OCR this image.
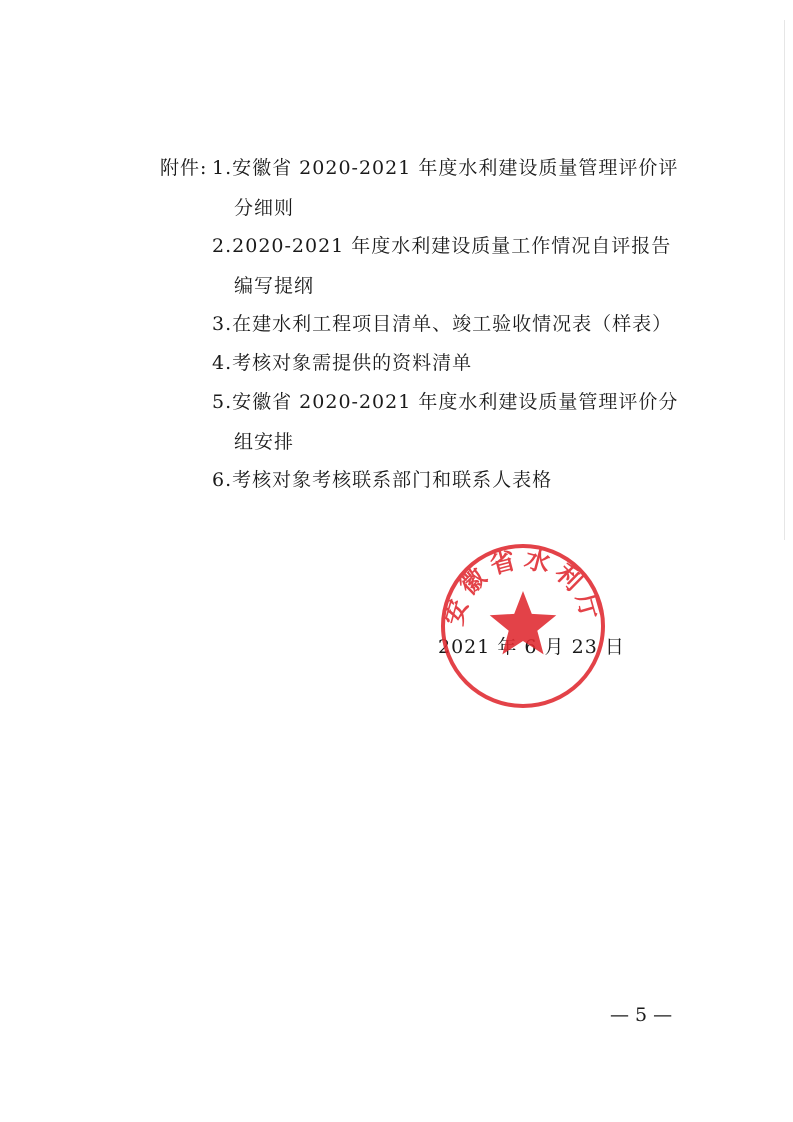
附件: 1.安徽省 2020-2021 年度水利建设质量管理评价评
分细则
2.2020-2021 年度水利建设质量工作情况自评报告
编写提纲
3.在建水利工程项目清单、竣工验收情况表（样表）
4.考核对象需提供的资料清单
5.安徽省 2020-2021 年度水利建设质量管理评价分
组安排
6.考核对象考核联系部门和联系人表格
2021 年 6 月 23 日
安徽省水利厅
— 5 —
